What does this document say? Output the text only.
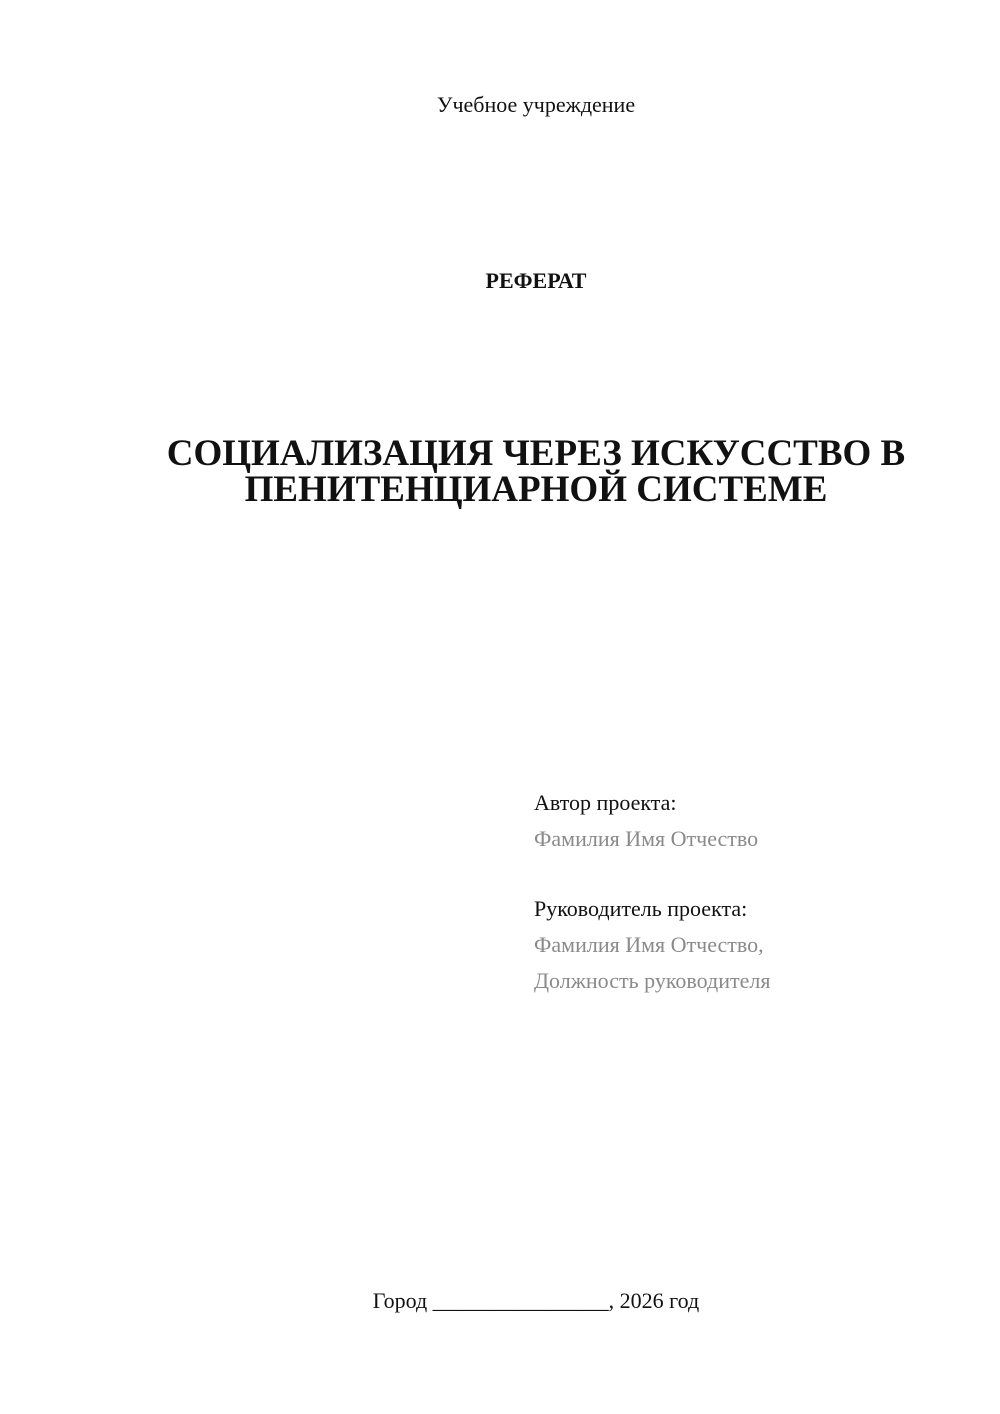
Учебное учреждение
РЕФЕРАТ
СОЦИАЛИЗАЦИЯ ЧЕРЕЗ ИСКУССТВО В
ПЕНИТЕНЦИАРНОЙ СИСТЕМЕ
Автор проекта:
Фамилия Имя Отчество
Руководитель проекта:
Фамилия Имя Отчество,
Должность руководителя
Город ________________, 2026 год
